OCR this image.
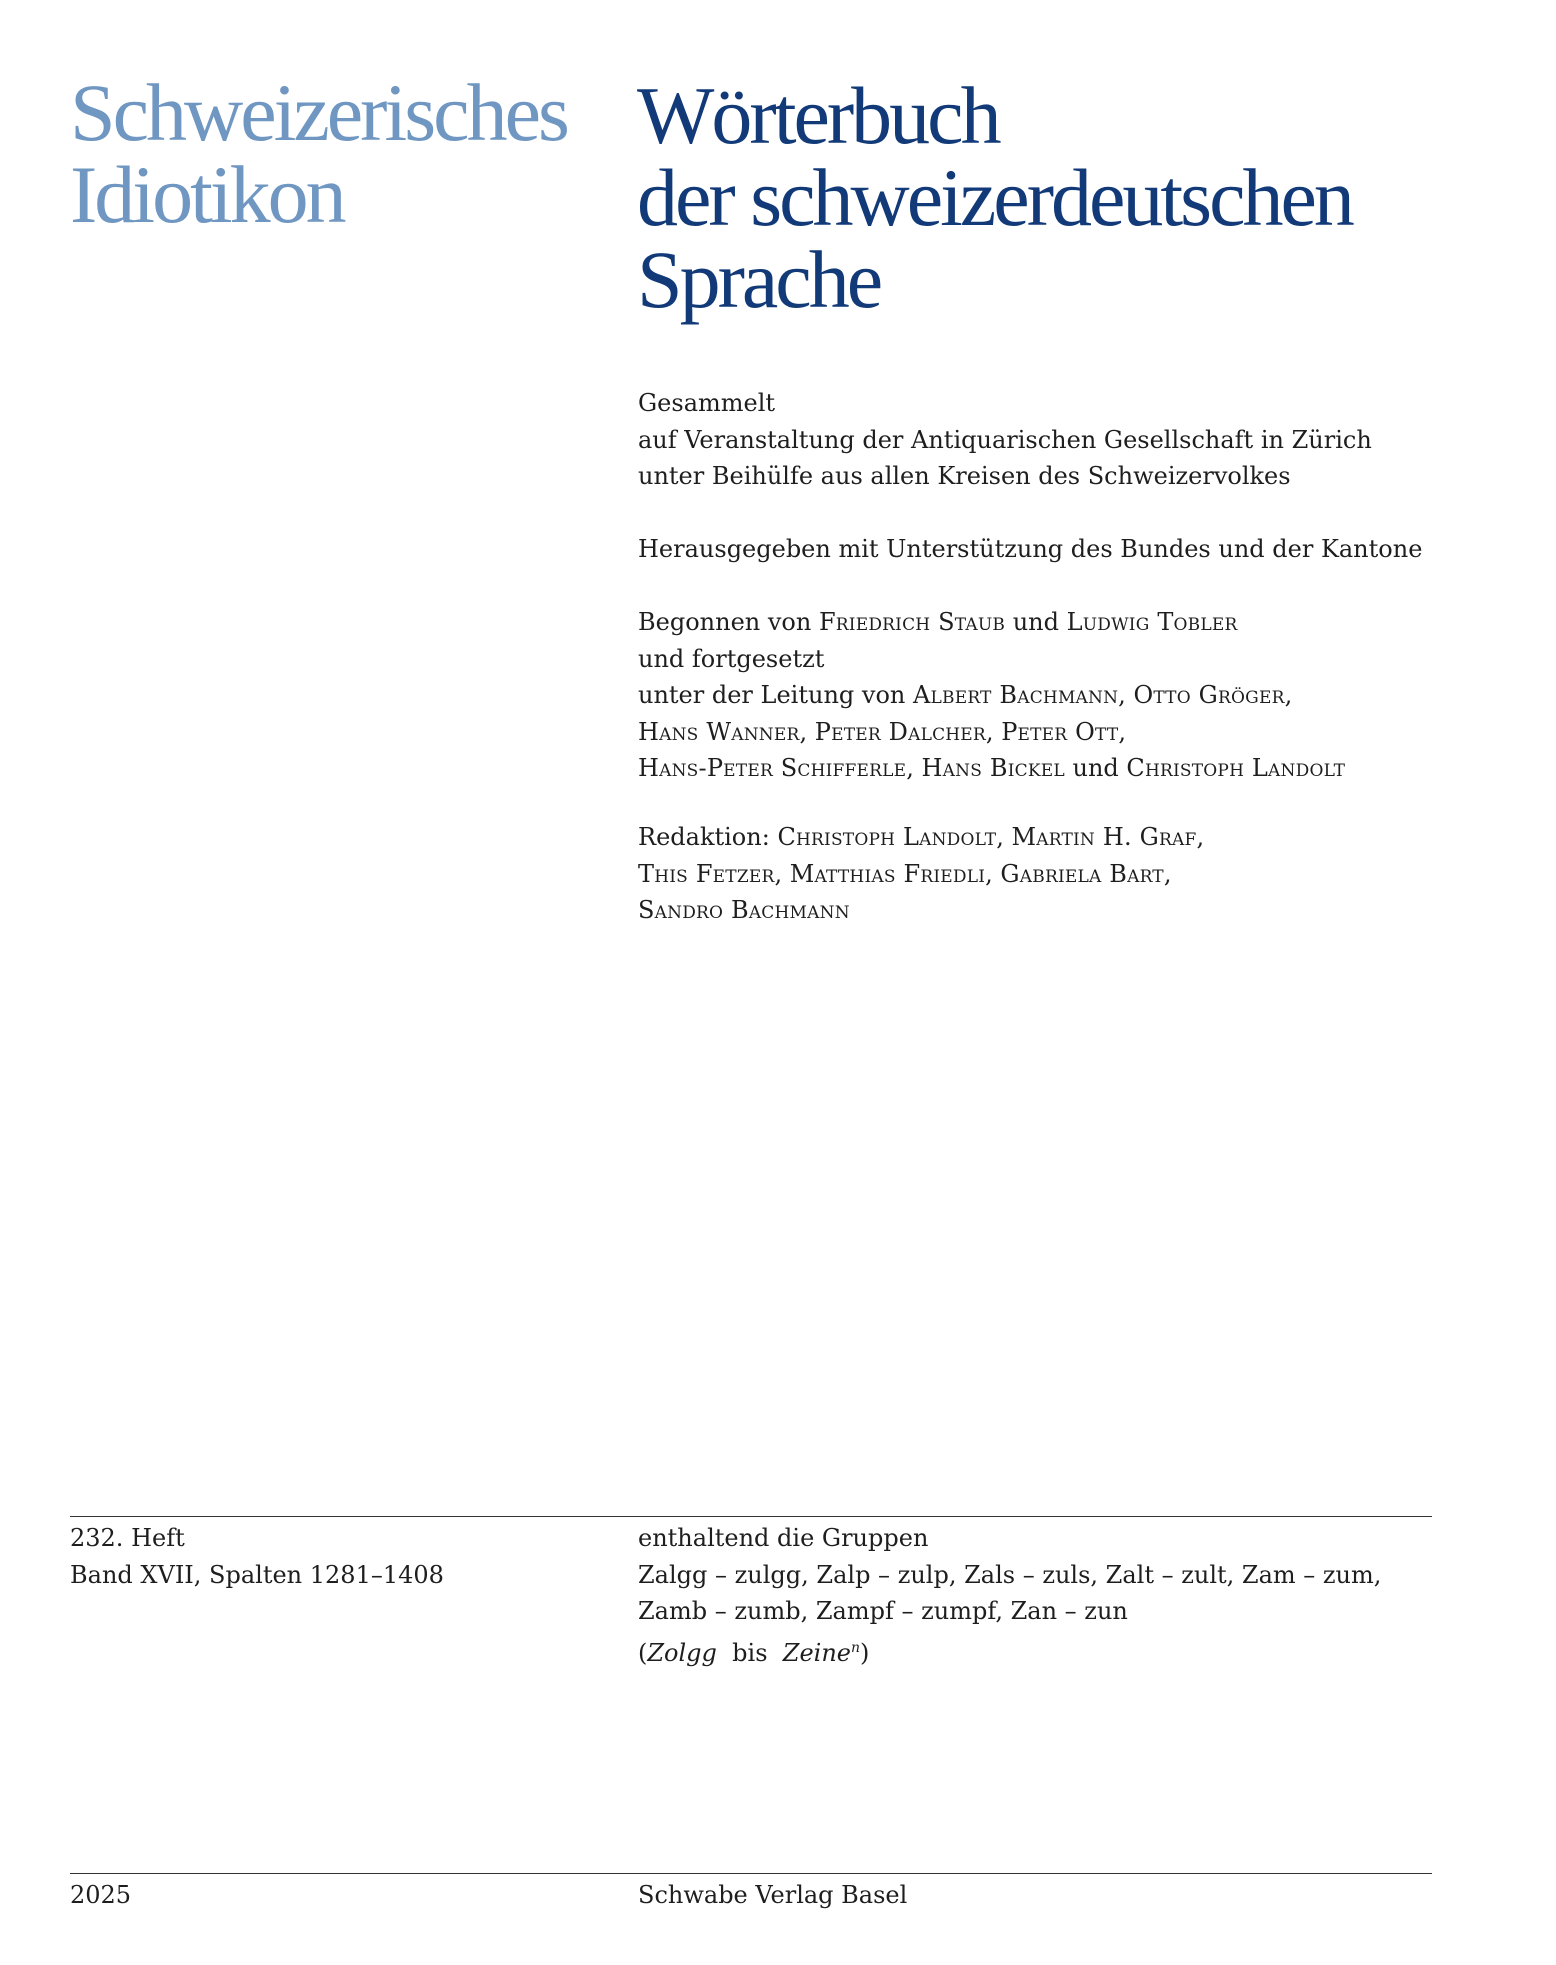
Schweizerisches
Idiotikon
Wörterbuch
der schweizerdeutschen
Sprache
Gesammelt
auf Veranstaltung der Antiquarischen Gesellschaft in Zürich
unter Beihülfe aus allen Kreisen des Schweizervolkes
Herausgegeben mit Unterstützung des Bundes und der Kantone
Begonnen von Friedrich Staub und Ludwig Tobler
und fortgesetzt
unter der Leitung von Albert Bachmann, Otto Gröger,
Hans Wanner, Peter Dalcher, Peter Ott,
Hans-Peter Schifferle, Hans Bickel und Christoph Landolt
Redaktion: Christoph Landolt, Martin H. Graf,
This Fetzer, Matthias Friedli, Gabriela Bart,
Sandro Bachmann
232. Heft
Band XVII, Spalten 1281–1408
enthaltend die Gruppen
Zalgg – zulgg, Zalp – zulp, Zals – zuls, Zalt – zult, Zam – zum,
Zamb – zumb, Zampf – zumpf, Zan – zun
(Zolgg  bis  Zeine$^n$)
2025	Schwabe Verlag Basel
